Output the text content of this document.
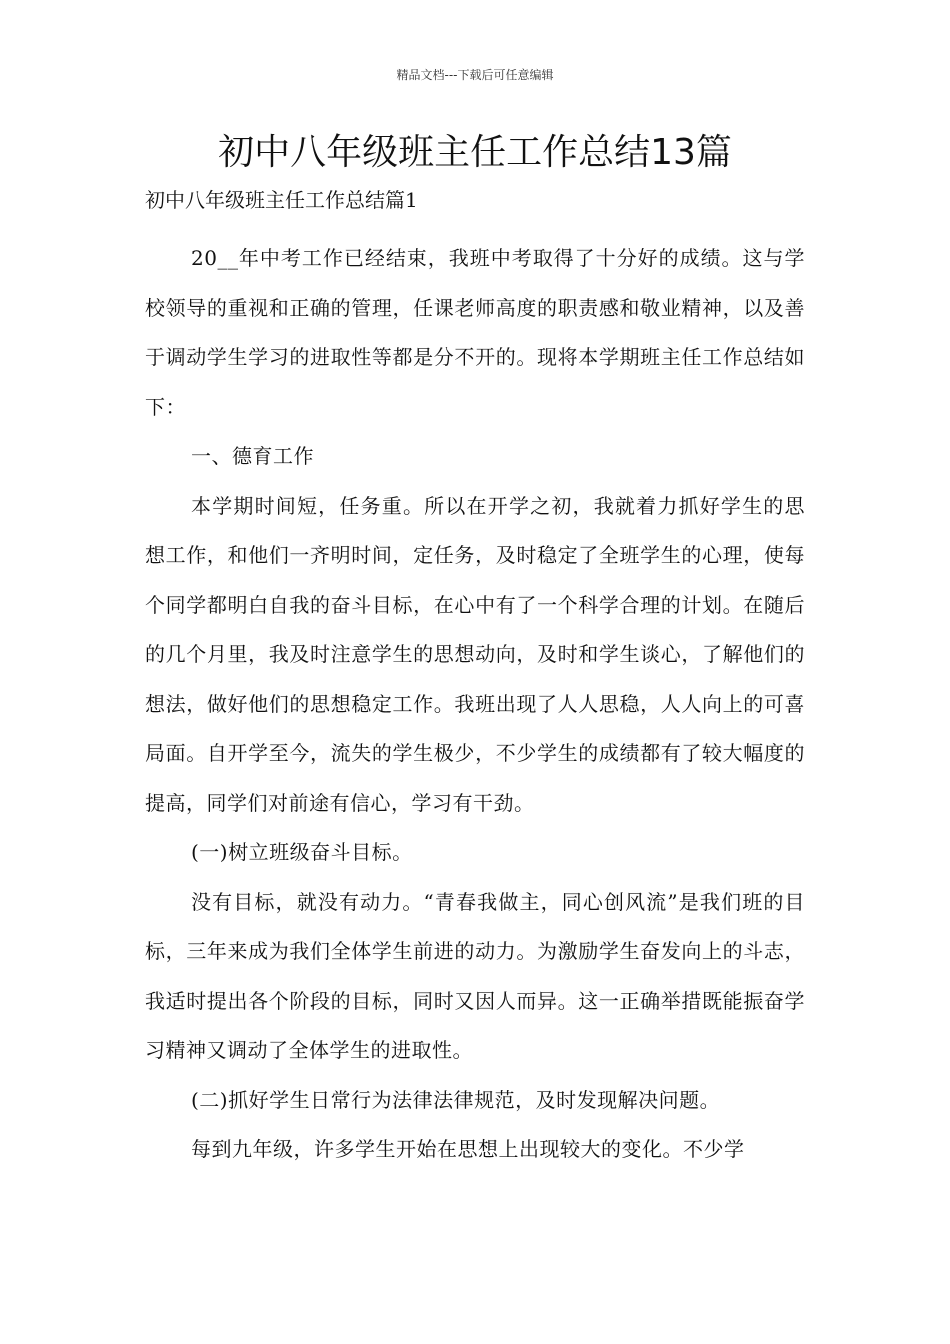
精品文档---下载后可任意编辑
初中八年级班主任工作总结13篇

初中八年级班主任工作总结篇1

20__年中考工作已经结束，我班中考取得了十分好的成绩。这与学校领导的重视和正确的管理，任课老师高度的职责感和敬业精神，以及善于调动学生学习的进取性等都是分不开的。现将本学期班主任工作总结如下：

一、德育工作

本学期时间短，任务重。所以在开学之初，我就着力抓好学生的思想工作，和他们一齐明时间，定任务，及时稳定了全班学生的心理，使每个同学都明白自我的奋斗目标，在心中有了一个科学合理的计划。在随后的几个月里，我及时注意学生的思想动向，及时和学生谈心，了解他们的想法，做好他们的思想稳定工作。我班出现了人人思稳，人人向上的可喜局面。自开学至今，流失的学生极少，不少学生的成绩都有了较大幅度的提高，同学们对前途有信心，学习有干劲。

(一)树立班级奋斗目标。

没有目标，就没有动力。“青春我做主，同心创风流”是我们班的目标，三年来成为我们全体学生前进的动力。为激励学生奋发向上的斗志，我适时提出各个阶段的目标，同时又因人而异。这一正确举措既能振奋学习精神又调动了全体学生的进取性。

(二)抓好学生日常行为法律法律规范，及时发现解决问题。

每到九年级，许多学生开始在思想上出现较大的变化。不少学
